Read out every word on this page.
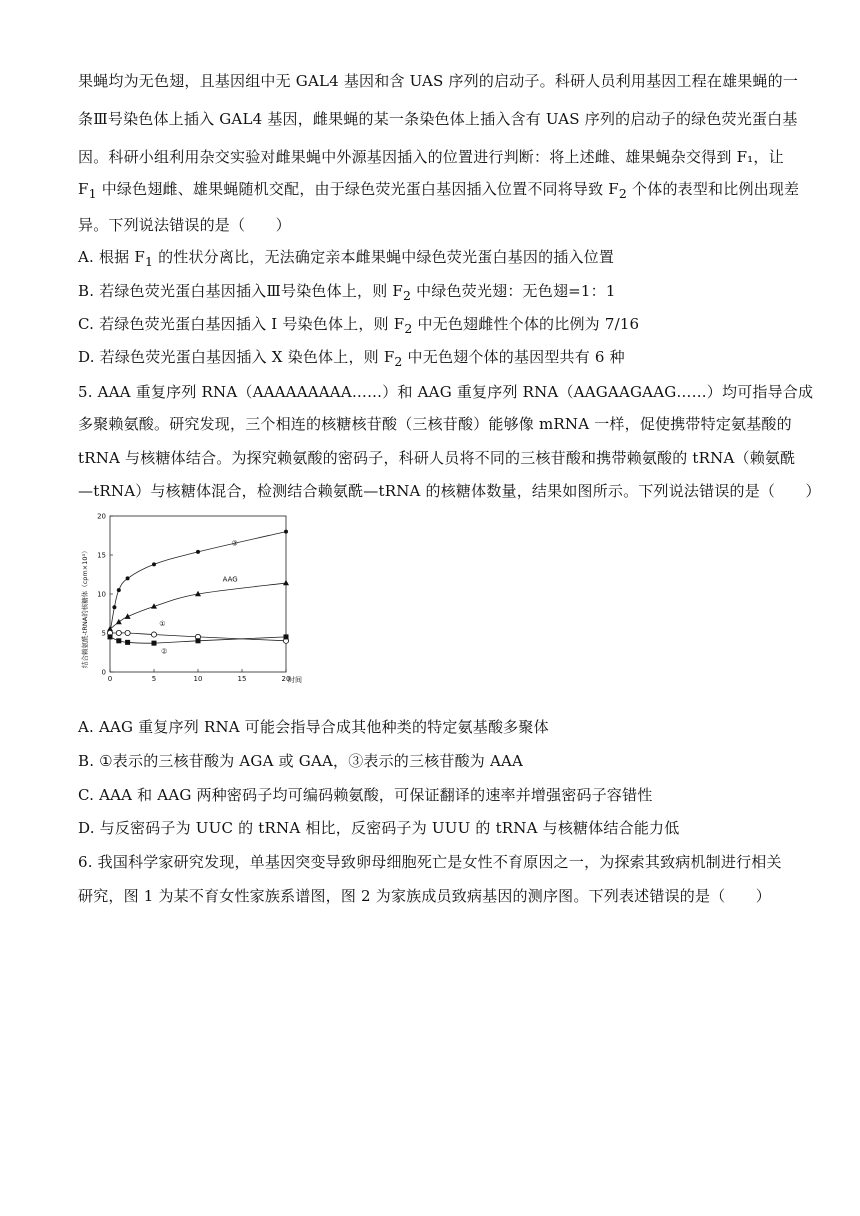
果蝇均为无色翅，且基因组中无 GAL4 基因和含 UAS 序列的启动子。科研人员利用基因工程在雄果蝇的一
条Ⅲ号染色体上插入 GAL4 基因，雌果蝇的某一条染色体上插入含有 UAS 序列的启动子的绿色荧光蛋白基
因。科研小组利用杂交实验对雌果蝇中外源基因插入的位置进行判断：将上述雌、雄果蝇杂交得到 F₁，让
$F_1$ 中绿色翅雌、雄果蝇随机交配，由于绿色荧光蛋白基因插入位置不同将导致 $F_2$ 个体的表型和比例出现差
异。下列说法错误的是（　　）
A. 根据 $F_1$ 的性状分离比，无法确定亲本雌果蝇中绿色荧光蛋白基因的插入位置
B. 若绿色荧光蛋白基因插入Ⅲ号染色体上，则 $F_2$ 中绿色荧光翅：无色翅=1：1
C. 若绿色荧光蛋白基因插入 I 号染色体上，则 $F_2$ 中无色翅雌性个体的比例为 7/16
D. 若绿色荧光蛋白基因插入 X 染色体上，则 $F_2$ 中无色翅个体的基因型共有 6 种
5. AAA 重复序列 RNA（AAAAAAAAA……）和 AAG 重复序列 RNA（AAGAAGAAG……）均可指导合成
多聚赖氨酸。研究发现，三个相连的核糖核苷酸（三核苷酸）能够像 mRNA 一样，促使携带特定氨基酸的
tRNA 与核糖体结合。为探究赖氨酸的密码子，科研人员将不同的三核苷酸和携带赖氨酸的 tRNA（赖氨酰
—tRNA）与核糖体混合，检测结合赖氨酰—tRNA 的核糖体数量，结果如图所示。下列说法错误的是（　　）
0	5	10	15	20
0
5
10
15
20
时间
结合赖氨酰-tRNA的核糖体（cpm×10³）
③
AAG
①
②
A. AAG 重复序列 RNA 可能会指导合成其他种类的特定氨基酸多聚体
B. ①表示的三核苷酸为 AGA 或 GAA，③表示的三核苷酸为 AAA
C. AAA 和 AAG 两种密码子均可编码赖氨酸，可保证翻译的速率并增强密码子容错性
D. 与反密码子为 UUC 的 tRNA 相比，反密码子为 UUU 的 tRNA 与核糖体结合能力低
6. 我国科学家研究发现，单基因突变导致卵母细胞死亡是女性不育原因之一，为探索其致病机制进行相关
研究，图 1 为某不育女性家族系谱图，图 2 为家族成员致病基因的测序图。下列表述错误的是（　　）
